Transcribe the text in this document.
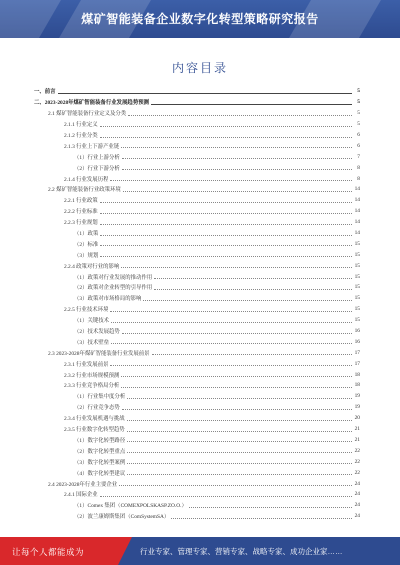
煤矿智能装备企业数字化转型策略研究报告
内容目录
一、前言	5
二、2023-2028年煤矿智能装备行业发展趋势预测	5
2.1 煤矿智能装备行业定义及分类	5
2.1.1 行业定义	5
2.1.2 行业分类	6
2.1.3 行业上下游产业链	6
（1）行业上游分析	7
（2）行业下游分析	8
2.1.4 行业发展历程	8
2.2 煤矿智能装备行业政策环境	14
2.2.1 行业政策	14
2.2.2 行业标准	14
2.2.3 行业规划	14
（1）政策	14
（2）标准	15
（3）规划	15
2.2.4 政策对行业的影响	15
（1）政策对行业发展的推动作用	15
（2）政策对企业转型的引导作用	15
（3）政策对市场格局的影响	15
2.2.5 行业技术环境	15
（1）关键技术	15
（2）技术发展趋势	16
（3）技术壁垒	16
2.3 2023-2028年煤矿智能装备行业发展前景	17
2.3.1 行业发展前景	17
2.3.2 行业市场规模预测	18
2.3.3 行业竞争格局分析	18
（1）行业集中度分析	19
（2）行业竞争态势	19
2.3.4 行业发展机遇与挑战	20
2.3.5 行业数字化转型趋势	21
（1）数字化转型路径	21
（2）数字化转型重点	22
（3）数字化转型案例	22
（4）数字化转型建议	22
2.4 2023-2028年行业主要企业	24
2.4.1 国际企业	24
（1）Comex 集团（COMEXPOLSKASP.ZO.O.）	24
（2）波兰康姆斯集团（ComSystemSA）	24
让每个人都能成为	行业专家、管理专家、营销专家、战略专家、成功企业家……
